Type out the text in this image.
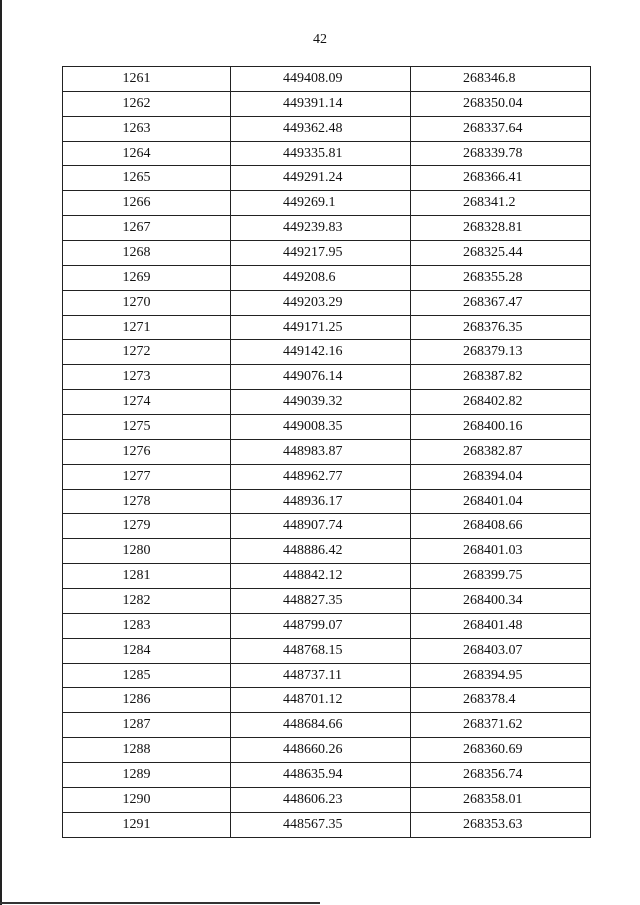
42
1261	449408.09	268346.8
1262	449391.14	268350.04
1263	449362.48	268337.64
1264	449335.81	268339.78
1265	449291.24	268366.41
1266	449269.1	268341.2
1267	449239.83	268328.81
1268	449217.95	268325.44
1269	449208.6	268355.28
1270	449203.29	268367.47
1271	449171.25	268376.35
1272	449142.16	268379.13
1273	449076.14	268387.82
1274	449039.32	268402.82
1275	449008.35	268400.16
1276	448983.87	268382.87
1277	448962.77	268394.04
1278	448936.17	268401.04
1279	448907.74	268408.66
1280	448886.42	268401.03
1281	448842.12	268399.75
1282	448827.35	268400.34
1283	448799.07	268401.48
1284	448768.15	268403.07
1285	448737.11	268394.95
1286	448701.12	268378.4
1287	448684.66	268371.62
1288	448660.26	268360.69
1289	448635.94	268356.74
1290	448606.23	268358.01
1291	448567.35	268353.63
